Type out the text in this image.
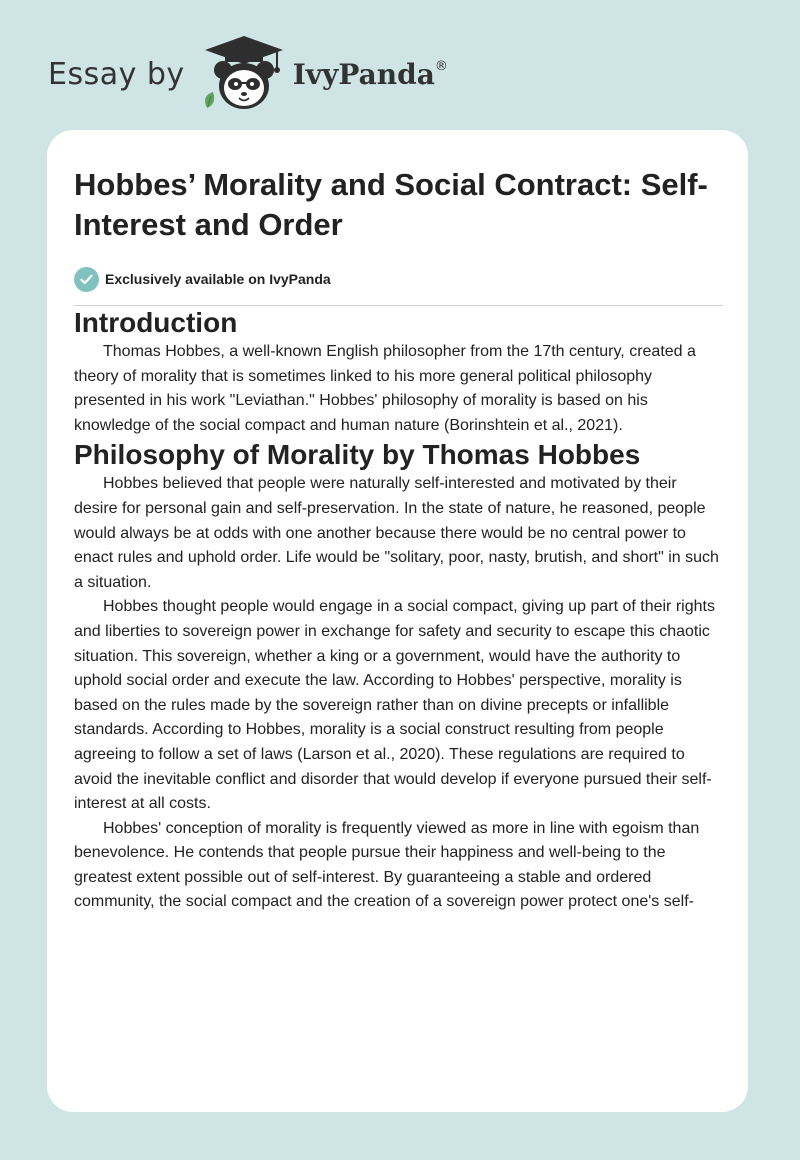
Essay by	IvyPanda ®
Hobbes’ Morality and Social Contract: Self-Interest and Order
Exclusively available on IvyPanda
Introduction

Thomas Hobbes, a well-known English philosopher from the 17th century, created a theory of morality that is sometimes linked to his more general political philosophy presented in his work "Leviathan." Hobbes' philosophy of morality is based on his knowledge of the social compact and human nature (Borinshtein et al., 2021).

Philosophy of Morality by Thomas Hobbes

Hobbes believed that people were naturally self-interested and motivated by their desire for personal gain and self-preservation. In the state of nature, he reasoned, people would always be at odds with one another because there would be no central power to enact rules and uphold order. Life would be "solitary, poor, nasty, brutish, and short" in such a situation.

Hobbes thought people would engage in a social compact, giving up part of their rights and liberties to sovereign power in exchange for safety and security to escape this chaotic situation. This sovereign, whether a king or a government, would have the authority to uphold social order and execute the law. According to Hobbes' perspective, morality is based on the rules made by the sovereign rather than on divine precepts or infallible standards. According to Hobbes, morality is a social construct resulting from people agreeing to follow a set of laws (Larson et al., 2020). These regulations are required to avoid the inevitable conflict and disorder that would develop if everyone pursued their self-interest at all costs.

Hobbes' conception of morality is frequently viewed as more in line with egoism than benevolence. He contends that people pursue their happiness and well-being to the greatest extent possible out of self-interest. By guaranteeing a stable and ordered community, the social compact and the creation of a sovereign power protect one's self-
